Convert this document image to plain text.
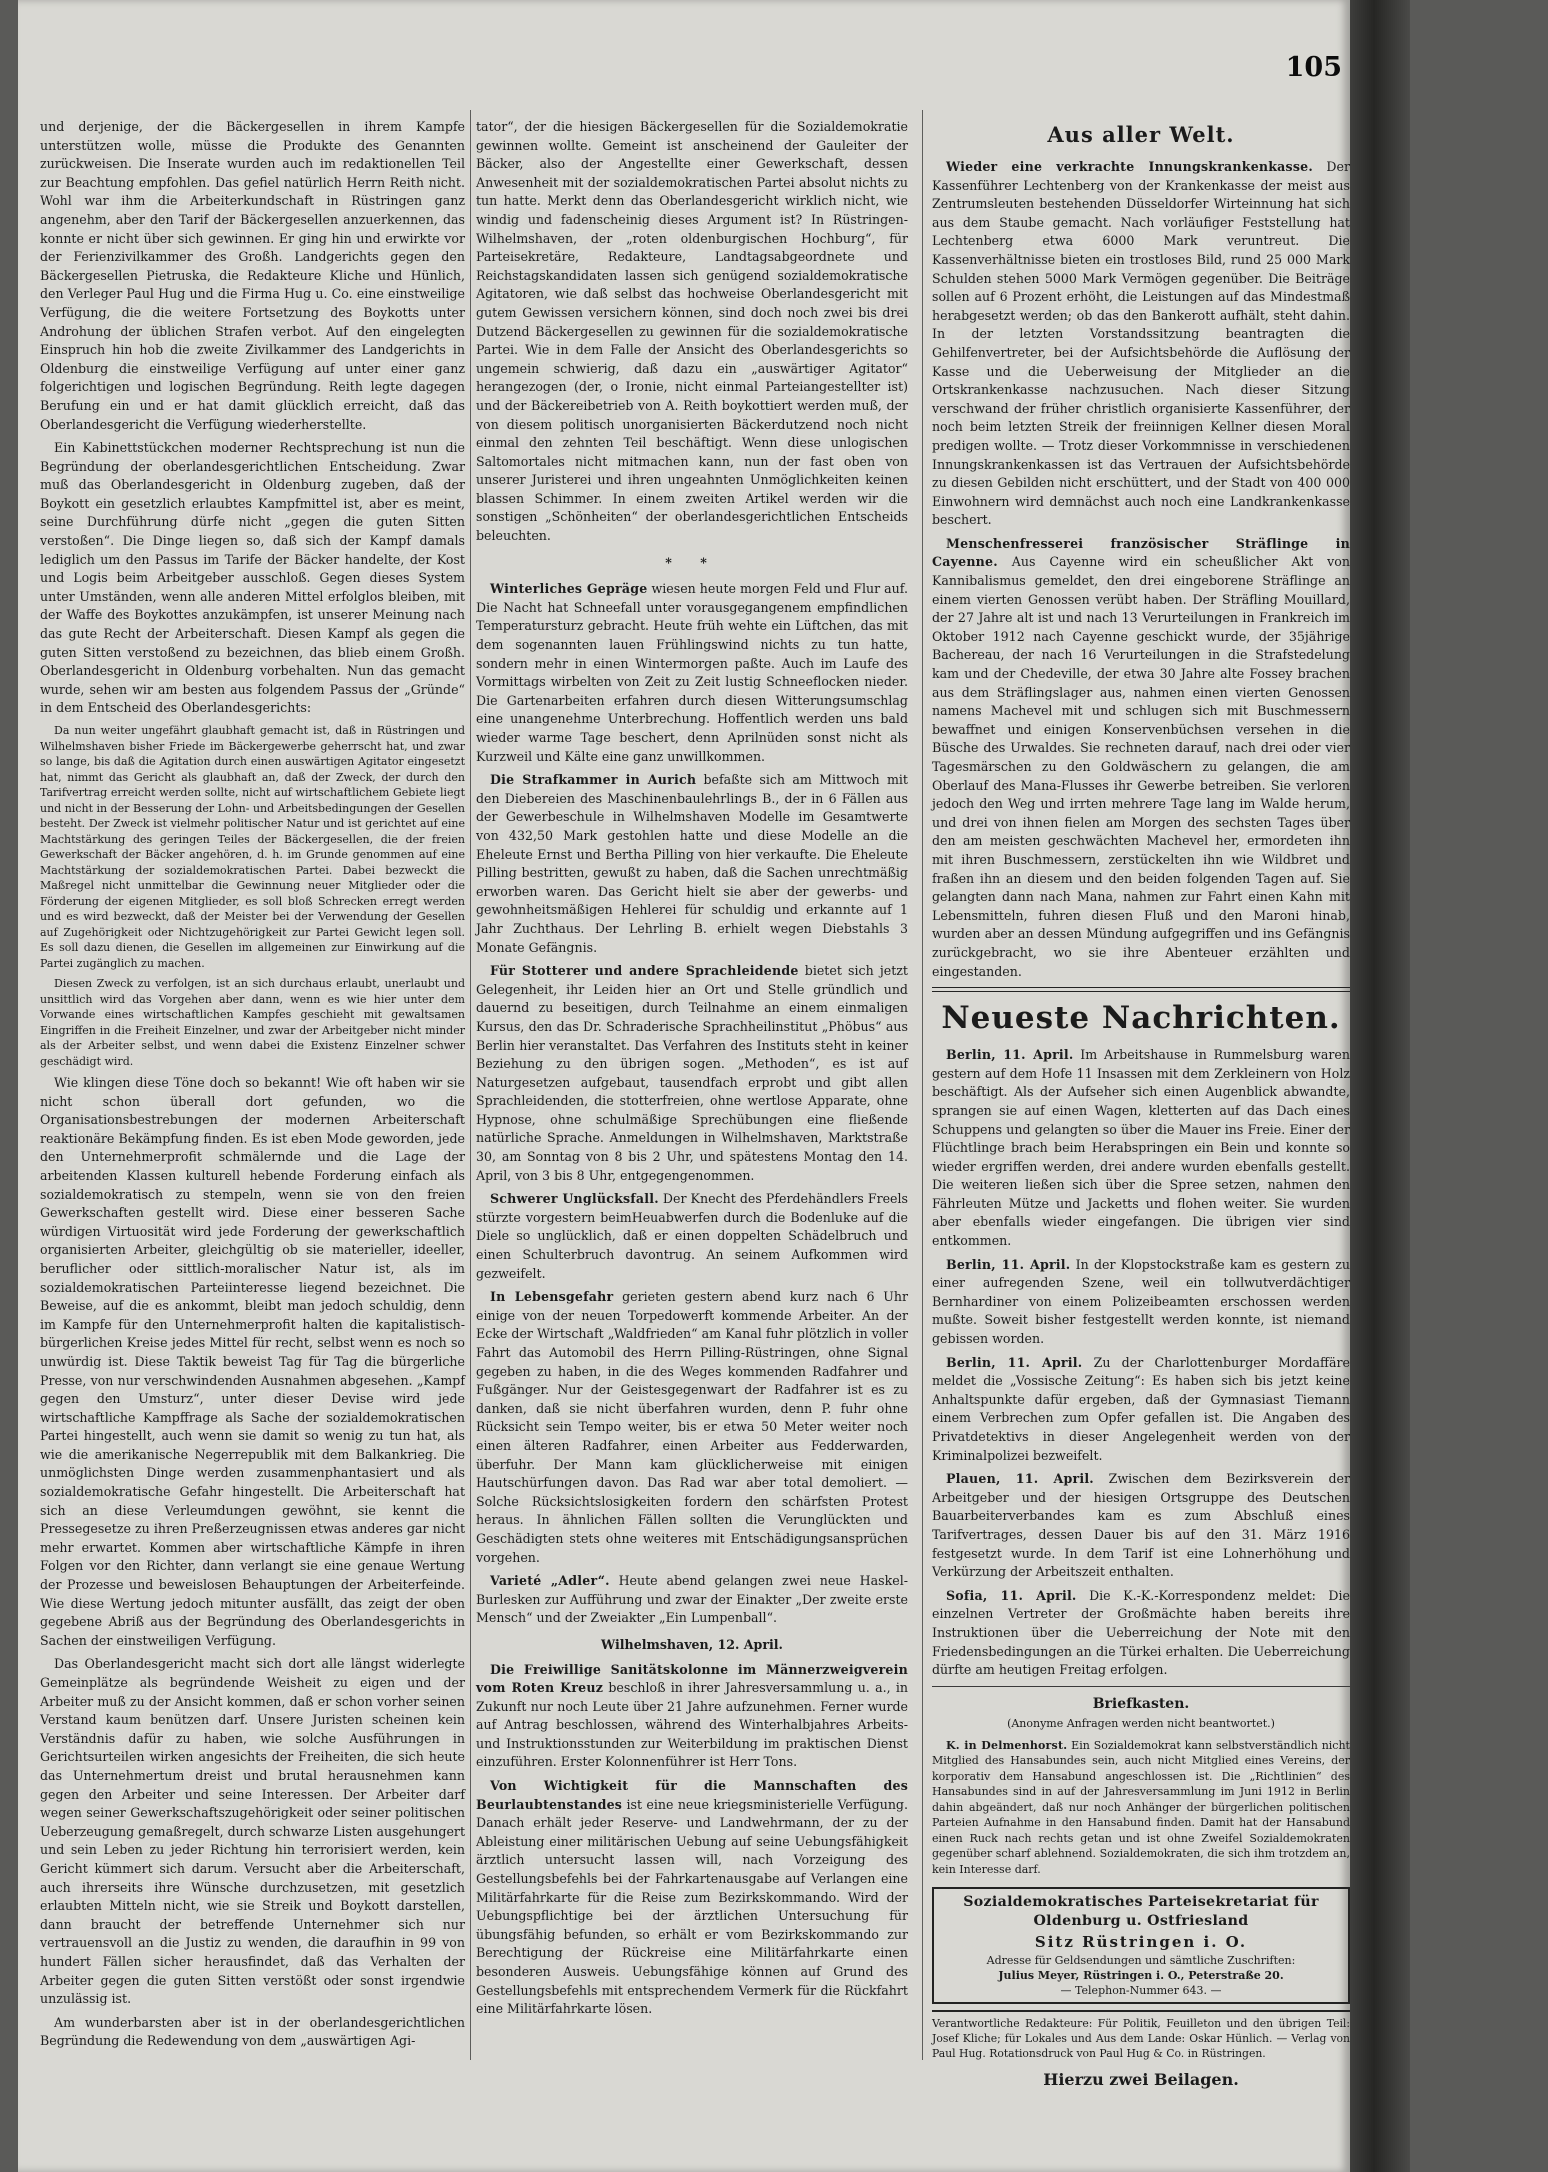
105

und derjenige, der die Bäckergesellen in ihrem Kampfe unterstützen wolle, müsse die Produkte des Genannten zurückweisen. Die Inserate wurden auch im redaktionellen Teil zur Beachtung empfohlen. Das gefiel natürlich Herrn Reith nicht. Wohl war ihm die Arbeiterkundschaft in Rüstringen ganz angenehm, aber den Tarif der Bäckergesellen anzuerkennen, das konnte er nicht über sich gewinnen. Er ging hin und erwirkte vor der Ferienzivilkammer des Großh. Landgerichts gegen den Bäckergesellen Pietruska, die Redakteure Kliche und Hünlich, den Verleger Paul Hug und die Firma Hug u. Co. eine einstweilige Verfügung, die die weitere Fortsetzung des Boykotts unter Androhung der üblichen Strafen verbot. Auf den eingelegten Einspruch hin hob die zweite Zivilkammer des Landgerichts in Oldenburg die einstweilige Verfügung auf unter einer ganz folgerichtigen und logischen Begründung. Reith legte dagegen Berufung ein und er hat damit glücklich erreicht, daß das Oberlandesgericht die Verfügung wiederherstellte.

Ein Kabinettstückchen moderner Rechtsprechung ist nun die Begründung der oberlandesgerichtlichen Entscheidung. Zwar muß das Oberlandesgericht in Oldenburg zugeben, daß der Boykott ein gesetzlich erlaubtes Kampfmittel ist, aber es meint, seine Durchführung dürfe nicht „gegen die guten Sitten verstoßen“. Die Dinge liegen so, daß sich der Kampf damals lediglich um den Passus im Tarife der Bäcker handelte, der Kost und Logis beim Arbeitgeber ausschloß. Gegen dieses System unter Umständen, wenn alle anderen Mittel erfolglos bleiben, mit der Waffe des Boykottes anzukämpfen, ist unserer Meinung nach das gute Recht der Arbeiterschaft. Diesen Kampf als gegen die guten Sitten verstoßend zu bezeichnen, das blieb einem Großh. Oberlandesgericht in Oldenburg vorbehalten. Nun das gemacht wurde, sehen wir am besten aus folgendem Passus der „Gründe“ in dem Entscheid des Oberlandesgerichts:

Da nun weiter ungefährt glaubhaft gemacht ist, daß in Rüstringen und Wilhelmshaven bisher Friede im Bäckergewerbe geherrscht hat, und zwar so lange, bis daß die Agitation durch einen auswärtigen Agitator eingesetzt hat, nimmt das Gericht als glaubhaft an, daß der Zweck, der durch den Tarifvertrag erreicht werden sollte, nicht auf wirtschaftlichem Gebiete liegt und nicht in der Besserung der Lohn- und Arbeitsbedingungen der Gesellen besteht. Der Zweck ist vielmehr politischer Natur und ist gerichtet auf eine Machtstärkung des geringen Teiles der Bäckergesellen, die der freien Gewerkschaft der Bäcker angehören, d. h. im Grunde genommen auf eine Machtstärkung der sozialdemokratischen Partei. Dabei bezweckt die Maßregel nicht unmittelbar die Gewinnung neuer Mitglieder oder die Förderung der eigenen Mitglieder, es soll bloß Schrecken erregt werden und es wird bezweckt, daß der Meister bei der Verwendung der Gesellen auf Zugehörigkeit oder Nichtzugehörigkeit zur Partei Gewicht legen soll. Es soll dazu dienen, die Gesellen im allgemeinen zur Einwirkung auf die Partei zugänglich zu machen.

Diesen Zweck zu verfolgen, ist an sich durchaus erlaubt, unerlaubt und unsittlich wird das Vorgehen aber dann, wenn es wie hier unter dem Vorwande eines wirtschaftlichen Kampfes geschieht mit gewaltsamen Eingriffen in die Freiheit Einzelner, und zwar der Arbeitgeber nicht minder als der Arbeiter selbst, und wenn dabei die Existenz Einzelner schwer geschädigt wird.

Wie klingen diese Töne doch so bekannt! Wie oft haben wir sie nicht schon überall dort gefunden, wo die Organisationsbestrebungen der modernen Arbeiterschaft reaktionäre Bekämpfung finden. Es ist eben Mode geworden, jede den Unternehmerprofit schmälernde und die Lage der arbeitenden Klassen kulturell hebende Forderung einfach als sozialdemokratisch zu stempeln, wenn sie von den freien Gewerkschaften gestellt wird. Diese einer besseren Sache würdigen Virtuosität wird jede Forderung der gewerkschaftlich organisierten Arbeiter, gleichgültig ob sie materieller, ideeller, beruflicher oder sittlich-moralischer Natur ist, als im sozialdemokratischen Parteiinteresse liegend bezeichnet. Die Beweise, auf die es ankommt, bleibt man jedoch schuldig, denn im Kampfe für den Unternehmerprofit halten die kapitalistisch-bürgerlichen Kreise jedes Mittel für recht, selbst wenn es noch so unwürdig ist. Diese Taktik beweist Tag für Tag die bürgerliche Presse, von nur verschwindenden Ausnahmen abgesehen. „Kampf gegen den Umsturz“, unter dieser Devise wird jede wirtschaftliche Kampffrage als Sache der sozialdemokratischen Partei hingestellt, auch wenn sie damit so wenig zu tun hat, als wie die amerikanische Negerrepublik mit dem Balkankrieg. Die unmöglichsten Dinge werden zusammenphantasiert und als sozialdemokratische Gefahr hingestellt. Die Arbeiterschaft hat sich an diese Verleumdungen gewöhnt, sie kennt die Pressegesetze zu ihren Preßerzeugnissen etwas anderes gar nicht mehr erwartet. Kommen aber wirtschaftliche Kämpfe in ihren Folgen vor den Richter, dann verlangt sie eine genaue Wertung der Prozesse und beweislosen Behauptungen der Arbeiterfeinde. Wie diese Wertung jedoch mitunter ausfällt, das zeigt der oben gegebene Abriß aus der Begründung des Oberlandesgerichts in Sachen der einstweiligen Verfügung.

Das Oberlandesgericht macht sich dort alle längst widerlegte Gemeinplätze als begründende Weisheit zu eigen und der Arbeiter muß zu der Ansicht kommen, daß er schon vorher seinen Verstand kaum benützen darf. Unsere Juristen scheinen kein Verständnis dafür zu haben, wie solche Ausführungen in Gerichtsurteilen wirken angesichts der Freiheiten, die sich heute das Unternehmertum dreist und brutal herausnehmen kann gegen den Arbeiter und seine Interessen. Der Arbeiter darf wegen seiner Gewerkschaftszugehörigkeit oder seiner politischen Ueberzeugung gemaßregelt, durch schwarze Listen ausgehungert und sein Leben zu jeder Richtung hin terrorisiert werden, kein Gericht kümmert sich darum. Versucht aber die Arbeiterschaft, auch ihrerseits ihre Wünsche durchzusetzen, mit gesetzlich erlaubten Mitteln nicht, wie sie Streik und Boykott darstellen, dann braucht der betreffende Unternehmer sich nur vertrauensvoll an die Justiz zu wenden, die daraufhin in 99 von hundert Fällen sicher herausfindet, daß das Verhalten der Arbeiter gegen die guten Sitten verstößt oder sonst irgendwie unzulässig ist.

Am wunderbarsten aber ist in der oberlandesgerichtlichen Begründung die Redewendung von dem „auswärtigen Agi-

tator“, der die hiesigen Bäckergesellen für die Sozialdemokratie gewinnen wollte. Gemeint ist anscheinend der Gauleiter der Bäcker, also der Angestellte einer Gewerkschaft, dessen Anwesenheit mit der sozialdemokratischen Partei absolut nichts zu tun hatte. Merkt denn das Oberlandesgericht wirklich nicht, wie windig und fadenscheinig dieses Argument ist? In Rüstringen-Wilhelmshaven, der „roten oldenburgischen Hochburg“, für Parteisekretäre, Redakteure, Landtagsabgeordnete und Reichstagskandidaten lassen sich genügend sozialdemokratische Agitatoren, wie daß selbst das hochweise Oberlandesgericht mit gutem Gewissen versichern können, sind doch noch zwei bis drei Dutzend Bäckergesellen zu gewinnen für die sozialdemokratische Partei. Wie in dem Falle der Ansicht des Oberlandesgerichts so ungemein schwierig, daß dazu ein „auswärtiger Agitator“ herangezogen (der, o Ironie, nicht einmal Parteiangestellter ist) und der Bäckereibetrieb von A. Reith boykottiert werden muß, der von diesem politisch unorganisierten Bäckerdutzend noch nicht einmal den zehnten Teil beschäftigt. Wenn diese unlogischen Saltomortales nicht mitmachen kann, nun der fast oben von unserer Juristerei und ihren ungeahnten Unmöglichkeiten keinen blassen Schimmer. In einem zweiten Artikel werden wir die sonstigen „Schönheiten“ der oberlandesgerichtlichen Entscheids beleuchten.

* *

Winterliches Gepräge wiesen heute morgen Feld und Flur auf. Die Nacht hat Schneefall unter vorausgegangenem empfindlichen Temperatursturz gebracht. Heute früh wehte ein Lüftchen, das mit dem sogenannten lauen Frühlingswind nichts zu tun hatte, sondern mehr in einen Wintermorgen paßte. Auch im Laufe des Vormittags wirbelten von Zeit zu Zeit lustig Schneeflocken nieder. Die Gartenarbeiten erfahren durch diesen Witterungsumschlag eine unangenehme Unterbrechung. Hoffentlich werden uns bald wieder warme Tage beschert, denn Aprilnüden sonst nicht als Kurzweil und Kälte eine ganz unwillkommen.

Die Strafkammer in Aurich befaßte sich am Mittwoch mit den Diebereien des Maschinenbaulehrlings B., der in 6 Fällen aus der Gewerbeschule in Wilhelmshaven Modelle im Gesamtwerte von 432,50 Mark gestohlen hatte und diese Modelle an die Eheleute Ernst und Bertha Pilling von hier verkaufte. Die Eheleute Pilling bestritten, gewußt zu haben, daß die Sachen unrechtmäßig erworben waren. Das Gericht hielt sie aber der gewerbs- und gewohnheitsmäßigen Hehlerei für schuldig und erkannte auf 1 Jahr Zuchthaus. Der Lehrling B. erhielt wegen Diebstahls 3 Monate Gefängnis.

Für Stotterer und andere Sprachleidende bietet sich jetzt Gelegenheit, ihr Leiden hier an Ort und Stelle gründlich und dauernd zu beseitigen, durch Teilnahme an einem einmaligen Kursus, den das Dr. Schraderische Sprachheilinstitut „Phöbus“ aus Berlin hier veranstaltet. Das Verfahren des Instituts steht in keiner Beziehung zu den übrigen sogen. „Methoden“, es ist auf Naturgesetzen aufgebaut, tausendfach erprobt und gibt allen Sprachleidenden, die stotterfreien, ohne wertlose Apparate, ohne Hypnose, ohne schulmäßige Sprechübungen eine fließende natürliche Sprache. Anmeldungen in Wilhelmshaven, Marktstraße 30, am Sonntag von 8 bis 2 Uhr, und spätestens Montag den 14. April, von 3 bis 8 Uhr, entgegengenommen.

Schwerer Unglücksfall. Der Knecht des Pferdehändlers Freels stürzte vorgestern beimHeuabwerfen durch die Bodenluke auf die Diele so unglücklich, daß er einen doppelten Schädelbruch und einen Schulterbruch davontrug. An seinem Aufkommen wird gezweifelt.

In Lebensgefahr gerieten gestern abend kurz nach 6 Uhr einige von der neuen Torpedowerft kommende Arbeiter. An der Ecke der Wirtschaft „Waldfrieden“ am Kanal fuhr plötzlich in voller Fahrt das Automobil des Herrn Pilling-Rüstringen, ohne Signal gegeben zu haben, in die des Weges kommenden Radfahrer und Fußgänger. Nur der Geistesgegenwart der Radfahrer ist es zu danken, daß sie nicht überfahren wurden, denn P. fuhr ohne Rücksicht sein Tempo weiter, bis er etwa 50 Meter weiter noch einen älteren Radfahrer, einen Arbeiter aus Fedderwarden, überfuhr. Der Mann kam glücklicherweise mit einigen Hautschürfungen davon. Das Rad war aber total demoliert. — Solche Rücksichtslosigkeiten fordern den schärfsten Protest heraus. In ähnlichen Fällen sollten die Verunglückten und Geschädigten stets ohne weiteres mit Entschädigungsansprüchen vorgehen.

Varieté „Adler“. Heute abend gelangen zwei neue Haskel-Burlesken zur Aufführung und zwar der Einakter „Der zweite erste Mensch“ und der Zweiakter „Ein Lumpenball“.

Wilhelmshaven, 12. April.

Die Freiwillige Sanitätskolonne im Männerzweigverein vom Roten Kreuz beschloß in ihrer Jahresversammlung u. a., in Zukunft nur noch Leute über 21 Jahre aufzunehmen. Ferner wurde auf Antrag beschlossen, während des Winterhalbjahres Arbeits- und Instruktionsstunden zur Weiterbildung im praktischen Dienst einzuführen. Erster Kolonnenführer ist Herr Tons.

Von Wichtigkeit für die Mannschaften des Beurlaubtenstandes ist eine neue kriegsministerielle Verfügung. Danach erhält jeder Reserve- und Landwehrmann, der zu der Ableistung einer militärischen Uebung auf seine Uebungsfähigkeit ärztlich untersucht lassen will, nach Vorzeigung des Gestellungsbefehls bei der Fahrkartenausgabe auf Verlangen eine Militärfahrkarte für die Reise zum Bezirkskommando. Wird der Uebungspflichtige bei der ärztlichen Untersuchung für übungsfähig befunden, so erhält er vom Bezirkskommando zur Berechtigung der Rückreise eine Militärfahrkarte einen besonderen Ausweis. Uebungsfähige können auf Grund des Gestellungsbefehls mit entsprechendem Vermerk für die Rückfahrt eine Militärfahrkarte lösen.

Aus aller Welt.

Wieder eine verkrachte Innungskrankenkasse. Der Kassenführer Lechtenberg von der Krankenkasse der meist aus Zentrumsleuten bestehenden Düsseldorfer Wirteinnung hat sich aus dem Staube gemacht. Nach vorläufiger Feststellung hat Lechtenberg etwa 6000 Mark veruntreut. Die Kassenverhältnisse bieten ein trostloses Bild, rund 25 000 Mark Schulden stehen 5000 Mark Vermögen gegenüber. Die Beiträge sollen auf 6 Prozent erhöht, die Leistungen auf das Mindestmaß herabgesetzt werden; ob das den Bankerott aufhält, steht dahin. In der letzten Vorstandssitzung beantragten die Gehilfenvertreter, bei der Aufsichtsbehörde die Auflösung der Kasse und die Ueberweisung der Mitglieder an die Ortskrankenkasse nachzusuchen. Nach dieser Sitzung verschwand der früher christlich organisierte Kassenführer, der noch beim letzten Streik der freiinnigen Kellner diesen Moral predigen wollte. — Trotz dieser Vorkommnisse in verschiedenen Innungskrankenkassen ist das Vertrauen der Aufsichtsbehörde zu diesen Gebilden nicht erschüttert, und der Stadt von 400 000 Einwohnern wird demnächst auch noch eine Landkrankenkasse beschert.

Menschenfresserei französischer Sträflinge in Cayenne. Aus Cayenne wird ein scheußlicher Akt von Kannibalismus gemeldet, den drei eingeborene Sträflinge an einem vierten Genossen verübt haben. Der Sträfling Mouillard, der 27 Jahre alt ist und nach 13 Verurteilungen in Frankreich im Oktober 1912 nach Cayenne geschickt wurde, der 35jährige Bachereau, der nach 16 Verurteilungen in die Strafstedelung kam und der Chedeville, der etwa 30 Jahre alte Fossey brachen aus dem Sträflingslager aus, nahmen einen vierten Genossen namens Machevel mit und schlugen sich mit Buschmessern bewaffnet und einigen Konservenbüchsen versehen in die Büsche des Urwaldes. Sie rechneten darauf, nach drei oder vier Tagesmärschen zu den Goldwäschern zu gelangen, die am Oberlauf des Mana-Flusses ihr Gewerbe betreiben. Sie verloren jedoch den Weg und irrten mehrere Tage lang im Walde herum, und drei von ihnen fielen am Morgen des sechsten Tages über den am meisten geschwächten Machevel her, ermordeten ihn mit ihren Buschmessern, zerstückelten ihn wie Wildbret und fraßen ihn an diesem und den beiden folgenden Tagen auf. Sie gelangten dann nach Mana, nahmen zur Fahrt einen Kahn mit Lebensmitteln, fuhren diesen Fluß und den Maroni hinab, wurden aber an dessen Mündung aufgegriffen und ins Gefängnis zurückgebracht, wo sie ihre Abenteuer erzählten und eingestanden.

Neueste Nachrichten.

Berlin, 11. April. Im Arbeitshause in Rummelsburg waren gestern auf dem Hofe 11 Insassen mit dem Zerkleinern von Holz beschäftigt. Als der Aufseher sich einen Augenblick abwandte, sprangen sie auf einen Wagen, kletterten auf das Dach eines Schuppens und gelangten so über die Mauer ins Freie. Einer der Flüchtlinge brach beim Herabspringen ein Bein und konnte so wieder ergriffen werden, drei andere wurden ebenfalls gestellt. Die weiteren ließen sich über die Spree setzen, nahmen den Fährleuten Mütze und Jacketts und flohen weiter. Sie wurden aber ebenfalls wieder eingefangen. Die übrigen vier sind entkommen.

Berlin, 11. April. In der Klopstockstraße kam es gestern zu einer aufregenden Szene, weil ein tollwutverdächtiger Bernhardiner von einem Polizeibeamten erschossen werden mußte. Soweit bisher festgestellt werden konnte, ist niemand gebissen worden.

Berlin, 11. April. Zu der Charlottenburger Mordaffäre meldet die „Vossische Zeitung“: Es haben sich bis jetzt keine Anhaltspunkte dafür ergeben, daß der Gymnasiast Tiemann einem Verbrechen zum Opfer gefallen ist. Die Angaben des Privatdetektivs in dieser Angelegenheit werden von der Kriminalpolizei bezweifelt.

Plauen, 11. April. Zwischen dem Bezirksverein der Arbeitgeber und der hiesigen Ortsgruppe des Deutschen Bauarbeiterverbandes kam es zum Abschluß eines Tarifvertrages, dessen Dauer bis auf den 31. März 1916 festgesetzt wurde. In dem Tarif ist eine Lohnerhöhung und Verkürzung der Arbeitszeit enthalten.

Sofia, 11. April. Die K.-K.-Korrespondenz meldet: Die einzelnen Vertreter der Großmächte haben bereits ihre Instruktionen über die Ueberreichung der Note mit den Friedensbedingungen an die Türkei erhalten. Die Ueberreichung dürfte am heutigen Freitag erfolgen.

Briefkasten.
(Anonyme Anfragen werden nicht beantwortet.)

K. in Delmenhorst. Ein Sozialdemokrat kann selbstverständlich nicht Mitglied des Hansabundes sein, auch nicht Mitglied eines Vereins, der korporativ dem Hansabund angeschlossen ist. Die „Richtlinien“ des Hansabundes sind in auf der Jahresversammlung im Juni 1912 in Berlin dahin abgeändert, daß nur noch Anhänger der bürgerlichen politischen Parteien Aufnahme in den Hansabund finden. Damit hat der Hansabund einen Ruck nach rechts getan und ist ohne Zweifel Sozialdemokraten gegenüber scharf ablehnend. Sozialdemokraten, die sich ihm trotzdem an, kein Interesse darf.

Sozialdemokratisches Parteisekretariat für Oldenburg u. Ostfriesland
Sitz Rüstringen i. O.
Adresse für Geldsendungen und sämtliche Zuschriften:
Julius Meyer, Rüstringen i. O., Peterstraße 20.
— Telephon-Nummer 643. —
Verantwortliche Redakteure: Für Politik, Feuilleton und den übrigen Teil: Josef Kliche; für Lokales und Aus dem Lande: Oskar Hünlich. — Verlag von Paul Hug. Rotationsdruck von Paul Hug & Co. in Rüstringen.
Hierzu zwei Beilagen.
